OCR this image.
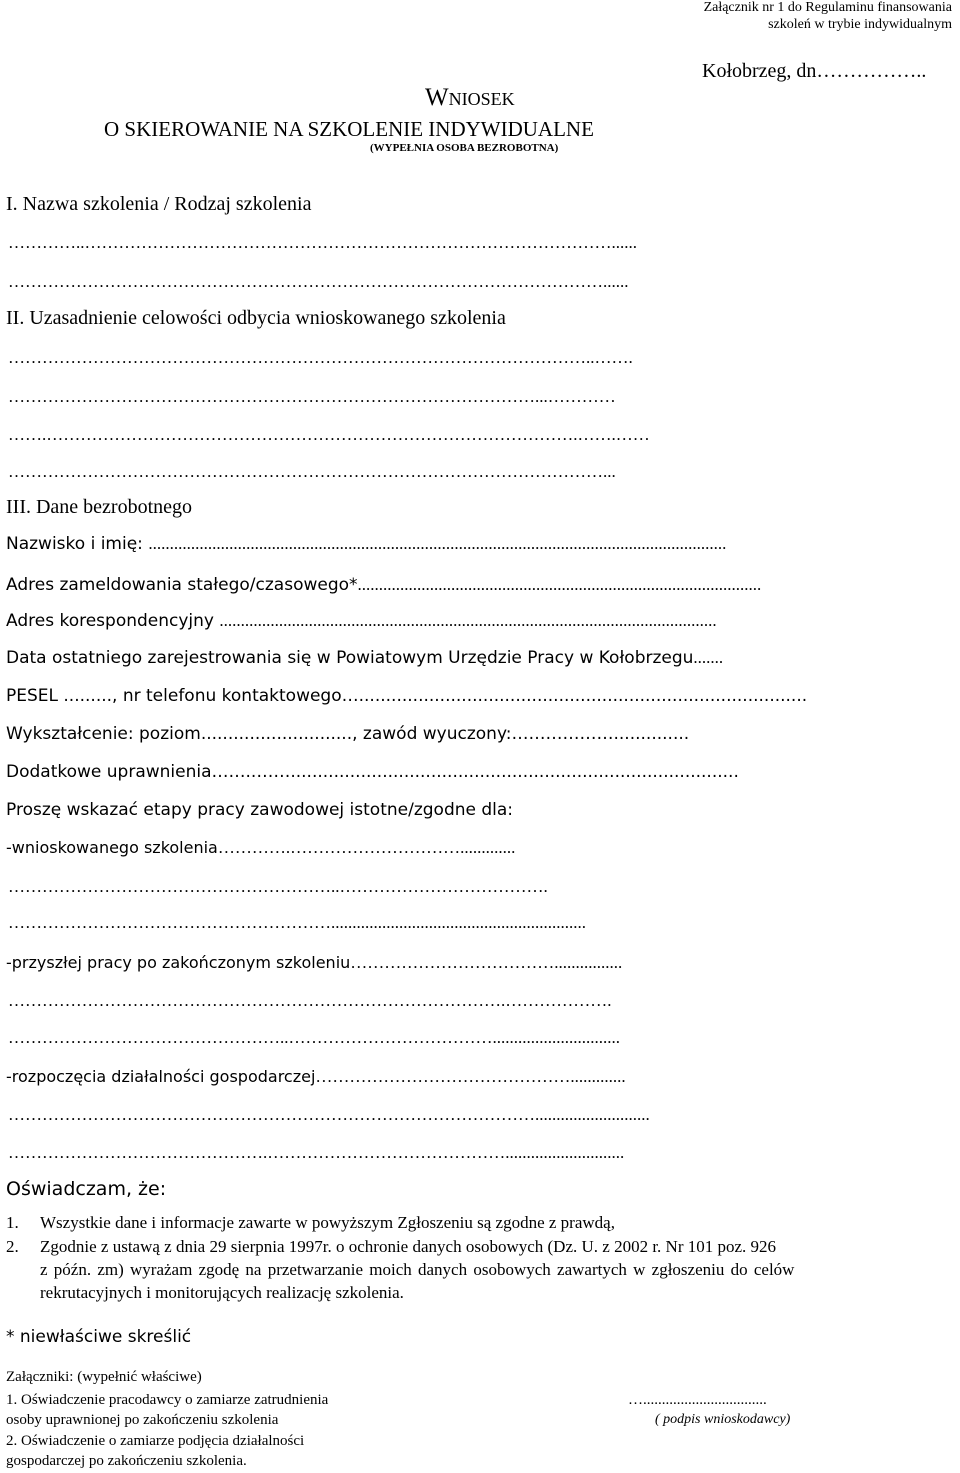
Załącznik nr 1 do Regulaminu finansowania
szkoleń w trybie indywidualnym
Kołobrzeg, dn……………..
Wniosek
O SKIEROWANIE NA SZKOLENIE INDYWIDUALNE
(WYPEŁNIA OSOBA BEZROBOTNA)
I. Nazwa szkolenia / Rodzaj szkolenia
…………..…………………………………………………………………………………......
……………………………………………………………………………………………......
II. Uzasadnienie celowości odbycia wnioskowanego szkolenia
…………………………………………………………………………………………..…….
…………………………………………………………………………………...…………
…….………………………………………………………………………………….…….……
……………………………………………………………………………………………...
III. Dane bezrobotnego
Nazwisko i imię: ........................................................................................................................................
Adres zameldowania stałego/czasowego*...............................................................................................
Adres korespondencyjny .....................................................................................................................
Data ostatniego zarejestrowania się w Powiatowym Urzędzie Pracy w Kołobrzegu.......
PESEL ........., nr telefonu kontaktowego…...................................................................................
Wykształcenie: poziom............................, zawód wyuczony:………………..............
Dodatkowe uprawnienia……..……...................................................................................
Proszę wskazać etapy pracy zawodowej istotne/zgodne dla:
-wnioskowanego szkolenia………….………………………….............
…………………………………………………..……………………………….
…………………………………………………............................................................
-przyszłej pracy po zakończonym szkoleniu………………………………................
…………………………………………………………………………….……………….
…………………………………………..………………………………..............................
-rozpoczęcia działalności gospodarczej……………………………………….............
…………………………………………………………………………………...........................
……………………………………….……………………………………............................
Oświadczam, że:
1. Wszystkie dane i informacje zawarte w powyższym Zgłoszeniu są zgodne z prawdą,
2. Zgodnie z ustawą z dnia 29 sierpnia 1997r. o ochronie danych osobowych (Dz. U. z 2002 r. Nr 101 poz. 926
z późn. zm) wyrażam zgodę na przetwarzanie moich danych osobowych zawartych w zgłoszeniu do celów
rekrutacyjnych i monitorujących realizację szkolenia.
* niewłaściwe skreślić
Załączniki: (wypełnić właściwe)
1. Oświadczenie pracodawcy o zamiarze zatrudnienia
osoby uprawnionej po zakończeniu szkolenia
2. Oświadczenie o zamiarze podjęcia działalności
gospodarczej po zakończeniu szkolenia.
….................................
( podpis wnioskodawcy)
